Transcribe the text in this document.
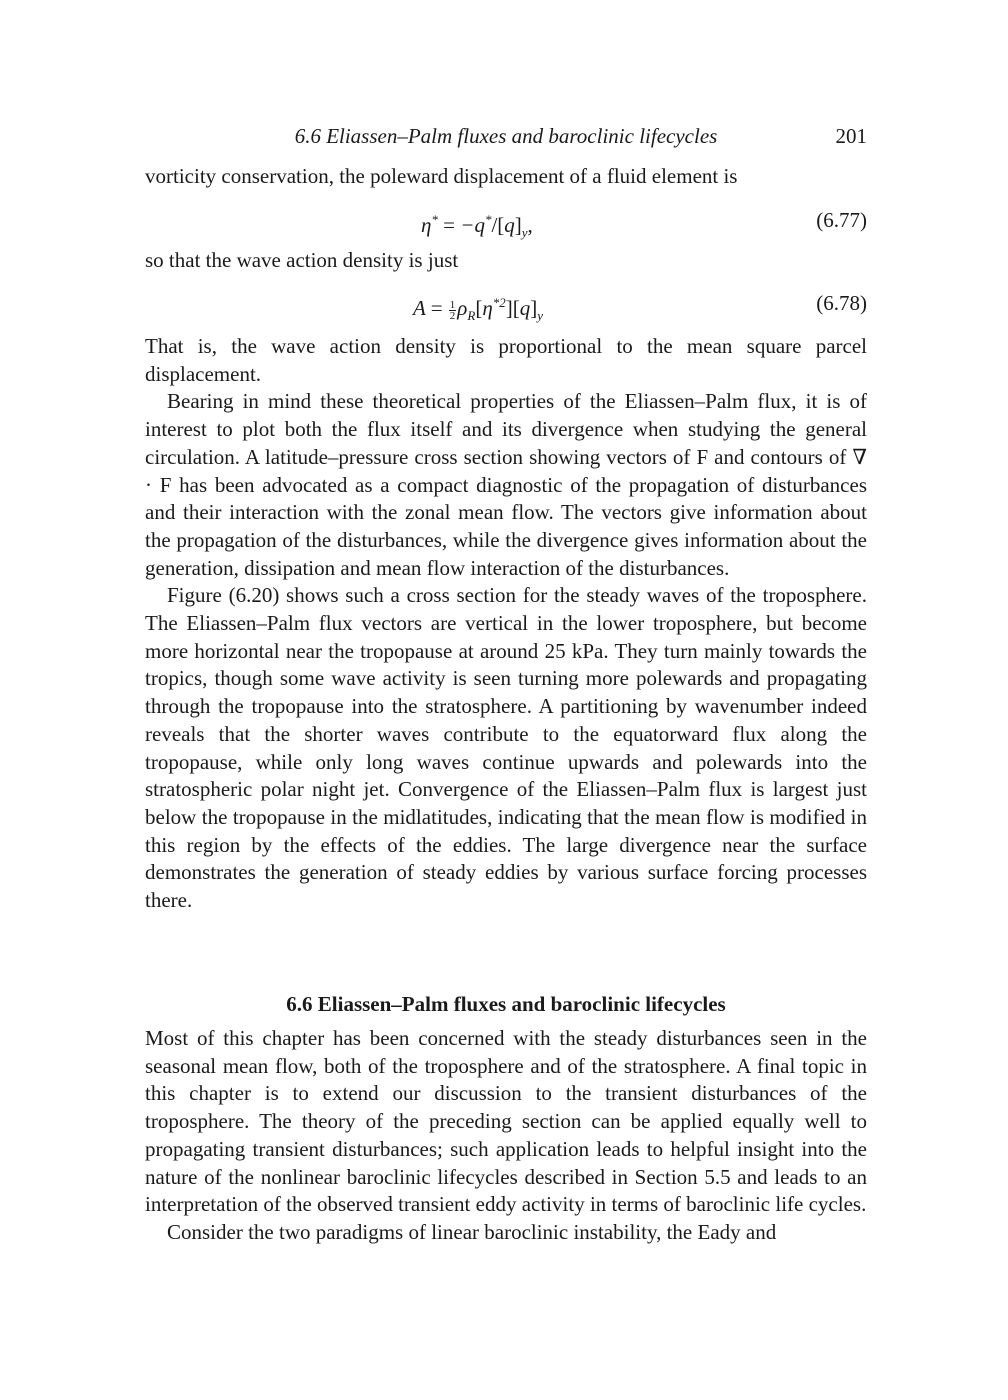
6.6 Eliassen–Palm fluxes and baroclinic lifecycles	201

vorticity conservation, the poleward displacement of a fluid element is

$\eta^* = -q^*/[q]_y$,	(6.77)

so that the wave action density is just

$A = \frac{1}{2} \rho_R[\eta^{*2}][q]_y$
(6.78)

That is, the wave action density is proportional to the mean square parcel displacement.

Bearing in mind these theoretical properties of the Eliassen–Palm flux, it is of interest to plot both the flux itself and its divergence when studying the general circulation. A latitude–pressure cross section showing vectors of F and contours of ∇ · F has been advocated as a compact diagnostic of the propagation of disturbances and their interaction with the zonal mean flow. The vectors give information about the propagation of the disturbances, while the divergence gives information about the generation, dissipation and mean flow interaction of the disturbances.

Figure (6.20) shows such a cross section for the steady waves of the troposphere. The Eliassen–Palm flux vectors are vertical in the lower troposphere, but become more horizontal near the tropopause at around 25 kPa. They turn mainly towards the tropics, though some wave activity is seen turning more polewards and propagating through the tropopause into the stratosphere. A partitioning by wavenumber indeed reveals that the shorter waves contribute to the equatorward flux along the tropopause, while only long waves continue upwards and polewards into the stratospheric polar night jet. Convergence of the Eliassen–Palm flux is largest just below the tropopause in the midlatitudes, indicating that the mean flow is modified in this region by the effects of the eddies. The large divergence near the surface demonstrates the generation of steady eddies by various surface forcing processes there.

6.6 Eliassen–Palm fluxes and baroclinic lifecycles

Most of this chapter has been concerned with the steady disturbances seen in the seasonal mean flow, both of the troposphere and of the stratosphere. A final topic in this chapter is to extend our discussion to the transient disturbances of the troposphere. The theory of the preceding section can be applied equally well to propagating transient disturbances; such application leads to helpful insight into the nature of the nonlinear baroclinic lifecycles described in Section 5.5 and leads to an interpretation of the observed transient eddy activity in terms of baroclinic life cycles.

Consider the two paradigms of linear baroclinic instability, the Eady and
